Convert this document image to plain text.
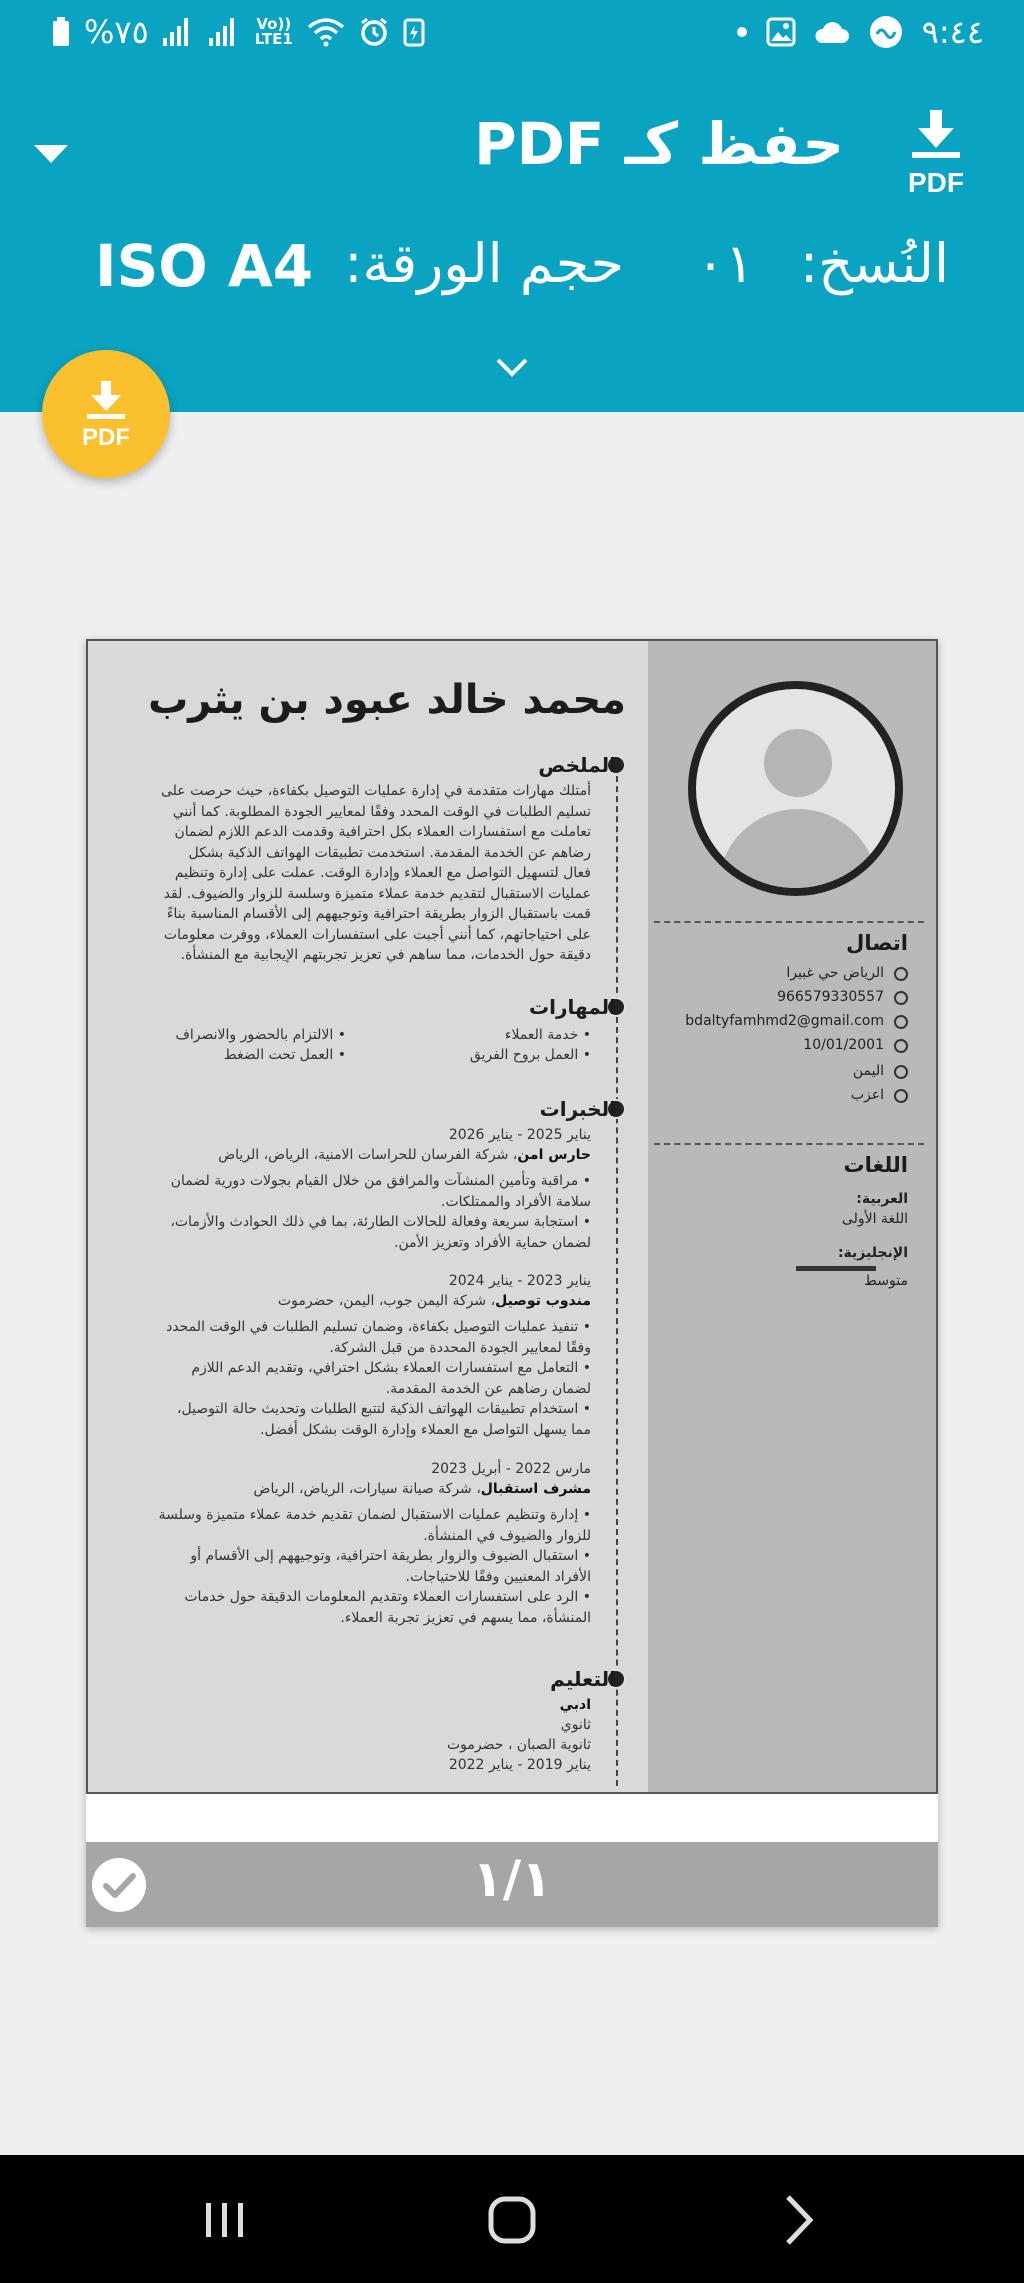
%٧٥	Vo))
LTE1	٩:٤٤
حفظ كـ PDF
PDF
النُسخ:
٠١
حجم الورقة:
ISO A4
PDF
محمد خالد عبود بن يثرب
الملخص
أمتلك مهارات متقدمة في إدارة عمليات التوصيل بكفاءة، حيث حرصت على
تسليم الطلبات في الوقت المحدد وفقًا لمعايير الجودة المطلوبة. كما أنني
تعاملت مع استفسارات العملاء بكل احترافية وقدمت الدعم اللازم لضمان
رضاهم عن الخدمة المقدمة. استخدمت تطبيقات الهواتف الذكية بشكل
فعال لتسهيل التواصل مع العملاء وإدارة الوقت. عملت على إدارة وتنظيم
عمليات الاستقبال لتقديم خدمة عملاء متميزة وسلسة للزوار والضيوف. لقد
قمت باستقبال الزوار بطريقة احترافية وتوجيههم إلى الأقسام المناسبة بناءً
على احتياجاتهم، كما أنني أجبت على استفسارات العملاء، ووفرت معلومات
دقيقة حول الخدمات، مما ساهم في تعزيز تجربتهم الإيجابية مع المنشأة.
المهارات
• خدمة العملاء
• العمل بروح الفريق
• الالتزام بالحضور والانصراف
• العمل تحت الضغط
الخبرات
يناير 2025 - يناير 2026
حارس امن، شركة الفرسان للحراسات الامنية، الرياض، الرياض
• مراقبة وتأمين المنشآت والمرافق من خلال القيام بجولات دورية لضمان
سلامة الأفراد والممتلكات.
• استجابة سريعة وفعالة للحالات الطارئة، بما في ذلك الحوادث والأزمات،
لضمان حماية الأفراد وتعزيز الأمن.
يناير 2023 - يناير 2024
مندوب توصيل، شركة اليمن جوب، اليمن، حضرموت
• تنفيذ عمليات التوصيل بكفاءة، وضمان تسليم الطلبات في الوقت المحدد
وفقًا لمعايير الجودة المحددة من قبل الشركة.
• التعامل مع استفسارات العملاء بشكل احترافي، وتقديم الدعم اللازم
لضمان رضاهم عن الخدمة المقدمة.
• استخدام تطبيقات الهواتف الذكية لتتبع الطلبات وتحديث حالة التوصيل،
مما يسهل التواصل مع العملاء وإدارة الوقت بشكل أفضل.
مارس 2022 - أبريل 2023
مشرف استقبال، شركة صيانة سيارات، الرياض، الرياض
• إدارة وتنظيم عمليات الاستقبال لضمان تقديم خدمة عملاء متميزة وسلسة
للزوار والضيوف في المنشأة.
• استقبال الضيوف والزوار بطريقة احترافية، وتوجيههم إلى الأقسام أو
الأفراد المعنيين وفقًا للاحتياجات.
• الرد على استفسارات العملاء وتقديم المعلومات الدقيقة حول خدمات
المنشأة، مما يسهم في تعزيز تجربة العملاء.
التعليم
ادبي
ثانوي
ثانوية الصبان ، حضرموت
يناير 2019 - يناير 2022
اتصال
الرياض حي غبيرا
966579330557
bdaltyfamhmd2@gmail.com
10/01/2001
اليمن
اعزب
اللغات
العربية:
اللغة الأولى
الإنجليزية:
متوسط
١/١
